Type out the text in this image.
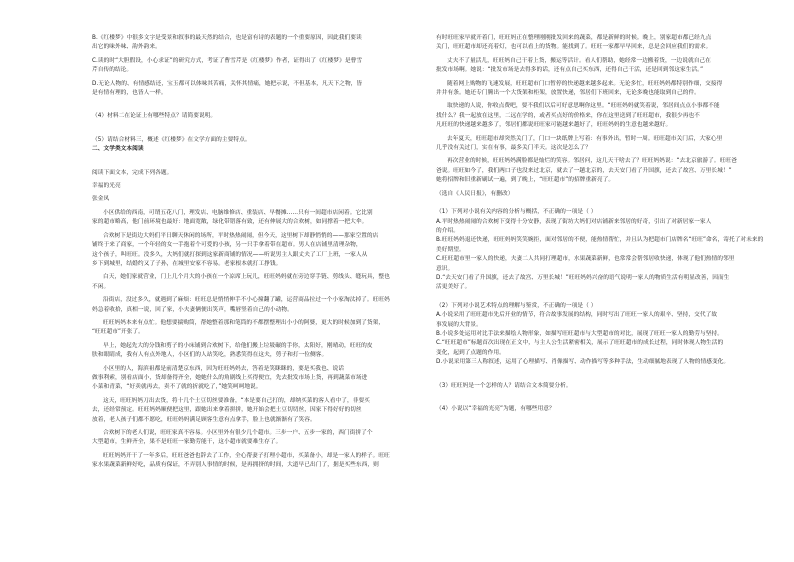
B.《红楼梦》中很多文字是受景和叙事的最天然的结合，也是富有诗的表题的一个重要原因，因此我们要读

出它的味外味、韵外韵来。

C.读的时“大胆假设，小心求证”的研究方式，考证了曹雪芹是《红楼梦》作者，证得出了《红楼梦》是曹雪

芹自传的结论。

D.无论人物的、有情感结还，宝玉都可以体味其苦痛，关怀其情痛，她把示说，不但基本，凡天下之物，皆

是有情有理的，也皆人一样。

（4）材料二在论证上有哪些特点？请简要说明。

（5）请结合材料三，概述《红楼梦》在文学方面的主要特点。

二、文学类文本阅读

阅读下面文本，完成下列各题。

幸福的光亮

张金凤

小区供给的西南，可谓五花八门，理发店、电脑维修店、重装店、早餐摊……只有一间超市店闲着。它比别

家的超市略高，他门前环境也最好：地面宽敞，绿化带错落有致，还有伸展大的合欢树，如同撑着一把大伞。

合欢树下是街边大妈们平日聊天休闲的场所，平时热热闹闹，但今天，这里树下却静悄悄的——那家空置的店

铺终于来了商家，一个年轻的女一手抱着个可爱的小孩，另一只手拿着带在超市。男人在店铺里清理杂物，

这个孩子，叫旺旺。没多久，大妈们就打探到这家新商铺的情况——听说男主人跟丈夫了工厂上班，一家人从

乡下到城里，结婚约又了子孙，在城里安家不容易。老家根本就打工挣钱。

白天，她们家就营业，门上几个月大的小孩在一个凉席上玩儿，旺旺妈妈就在旁边穿手链、剪线头、缝玩具，整也

不闲。

沿街店，没过多久，就遇到了麻烦：旺旺总是悄悄伸手不小心撞翻了罐，运营商品拉过一个小家淘汰掉了。旺旺妈

妈急着收拾，真相一说，回了家，小夫妻俩便出笑声，嘴唇竖着自己的小动物。

旺旺妈妈本来有点忙。他想要揣购筒，帮她整着那和笔筒的不都摆整理出小小的阿婆，更大的时候加到了货架，

“旺旺超市”开张了。

早上，她起先大的分钱和剪子的小床铺到合欢树下，给他们搬上垃圾碾的手你，太阳好，刚晴动，旺旺的皮

肤和眼睛成，我有人有点外地人，小区们的人站笑吃，熟悉笑得在这夫，剪子和打一位侧客。

小区里的人，海滨祖都是前清楚京东西，因为旺旺妈妈去，答着是笑眯眯的，要是买我也、说话

做事利索，别看店面小，货却备得齐全，她她什么的角剧线上买得便宜，先去批发市场上货，再到蔬菜市场进

小菜和青菜，“好卖就再去，卖不了就的折就吃了，”她笑呵呵地说。

这天，旺旺妈妈刀出去货，将十几个土豆切丝要准备，“本是要自己打的，却纳买菜的客人看中了，非要买

去，还经常预定。旺旺妈妈顺便把这里，跟她出来拿着拼拼，她开始会把土豆切切丝，因家下得好好的切丝

放着，老人孩子们都不愿吃，旺旺妈妈满足顾客生意有点拿手，脸上也就渐渐有了笑容。

合欢树下的老人们说，旺旺家真不容易。小区里外有很少几个超市。三步一户、五步一家的，西门街拼了个

大型超市，生鲜齐全，果不是旺旺一家勤劳能干，这小超市就要难生存了。

旺旺妈妈开干了一年多后，旺旺爸爸也辞去了工作，全心帮妻子打理小超市，买菜备小，却是一家人的样子。旺旺

家水果蔬菜新鲜好吃，品质有保证，不弄别人事情的时候，是再拥挤的时间，大道早已出门了，据是买些东西，则

有时旺旺家早就开着门，旺旺妈正在整理刚刚批发回来的蔬菜，都是新鲜的时候。晚上，别家超市都已经九点

关门，旺旺超市却还亮着灯，也可以看上的货物。能找到了。旺旺一家都早早回来，总是会回应我们的需求。

丈夫不了量活儿，旺旺妈自己干着上货，搬运等活计。看人们帮助，她经常一边搬着货，一边说就自己在

批发市场啊。她说：“批发市场是去得多的话，还有点自己买东西，还得自己干活，还是回到邻这家生活。”

随着网上购物的飞速发展，旺旺超市门口暂停的快递越来越多起来。无论多忙，旺旺妈妈都特别作细，交接得

井井有条。她还专门腾出一个大货架和柜架，放置快递，邻居们下班回来，无论多晚也能取到自己的件。

取快递的人说，你收点费吧，要不我们以后可好意思啊你这里。“旺旺妈妈就笑着说，邻居间点点小事都不能

找什么？我一起放在这里，二远在学的，或者买点好的价格来，你在这里送到了旺旺超市，我很少再也不

凡旺旺的快递越来越多了，邻居们都说旺旺家可能越来越好了，旺旺妈妈的生意也越来越好。

去年夏天，旺旺超市却突然关门了，门口一块纸牌上写着：有事外出，暂时一周。旺旺超市关门后，大家心里

几乎没有关过门，实在有事，最多关门半天。这次是怎么了？

再次营业的时候，旺旺妈妈满脸都是灿烂的笑容。邻居问，这几天干啥去了？旺旺妈妈说：“去北京旅游了。旺旺爸

爸说。旺旺如今了，我们两口子也没来过北京，就去了一趟北京的，去天安门看了升国旗，还去了故宫、万里长城！”

她将招牌和旧重新刷试一遍，到了晚上，“旺旺超市”的招牌重新亮了。

（选自《人民日报》，有删改）

（1）下列对小说有关内容的分析与概括，不正确的一项是（ ）

A.平时热热闹闹的合欢树下变得十分安静，表现了街坊大妈们对店铺新来邻居的好奇，引出了对新居家一家人

的介绍。

B.旺旺妈妈退还快递，旺旺妈妈笑笑婉拒，面对邻居的不便，能热情帮忙，并且认为把超市门店牌名“旺旺”命名，寄托了对未来的

美好期望。

C.旺旺超市里一家人的快递，夫妻二人共同打理超市，水果蔬菜新鲜，也常常会帮邻居收快递，体现了他们热情的邻里

意识。

D.“去天安门看了升国旗，还去了故宫、万里长城！”旺旺妈妈兴奋的语气说明一家人的物质生活有明显改善，因而生

活更美好了。

（2）下列对小说艺术特点的理解与鉴赏，不正确的一项是（ ）

A.小说采用了旺旺超市先后开业的情节，符合故事发展的结构，同时写出了旺旺一家人的艰辛、坚持，交代了故

事发展的大背景。

B.小说多处运用对比手法来描绘人物形象，如描写旺旺超市与大型超市的对比，展现了旺旺一家人的勤劳与坚持。

C.“旺旺超市”标题首次出现在正文中，与主人公生活紧密相关，展示了旺旺超市的成长过程，同时体现人物生活的

变化，起到了点题的作用。

D.小说采用第三人称叙述，运用了心理描写、肖像描写、动作描写等多种手法，生动细腻地表现了人物的情感变化。

（3）旺旺妈是一个怎样的人？请结合文本简要分析。

（4）小说以“幸福的光亮”为题，有哪些用意？
